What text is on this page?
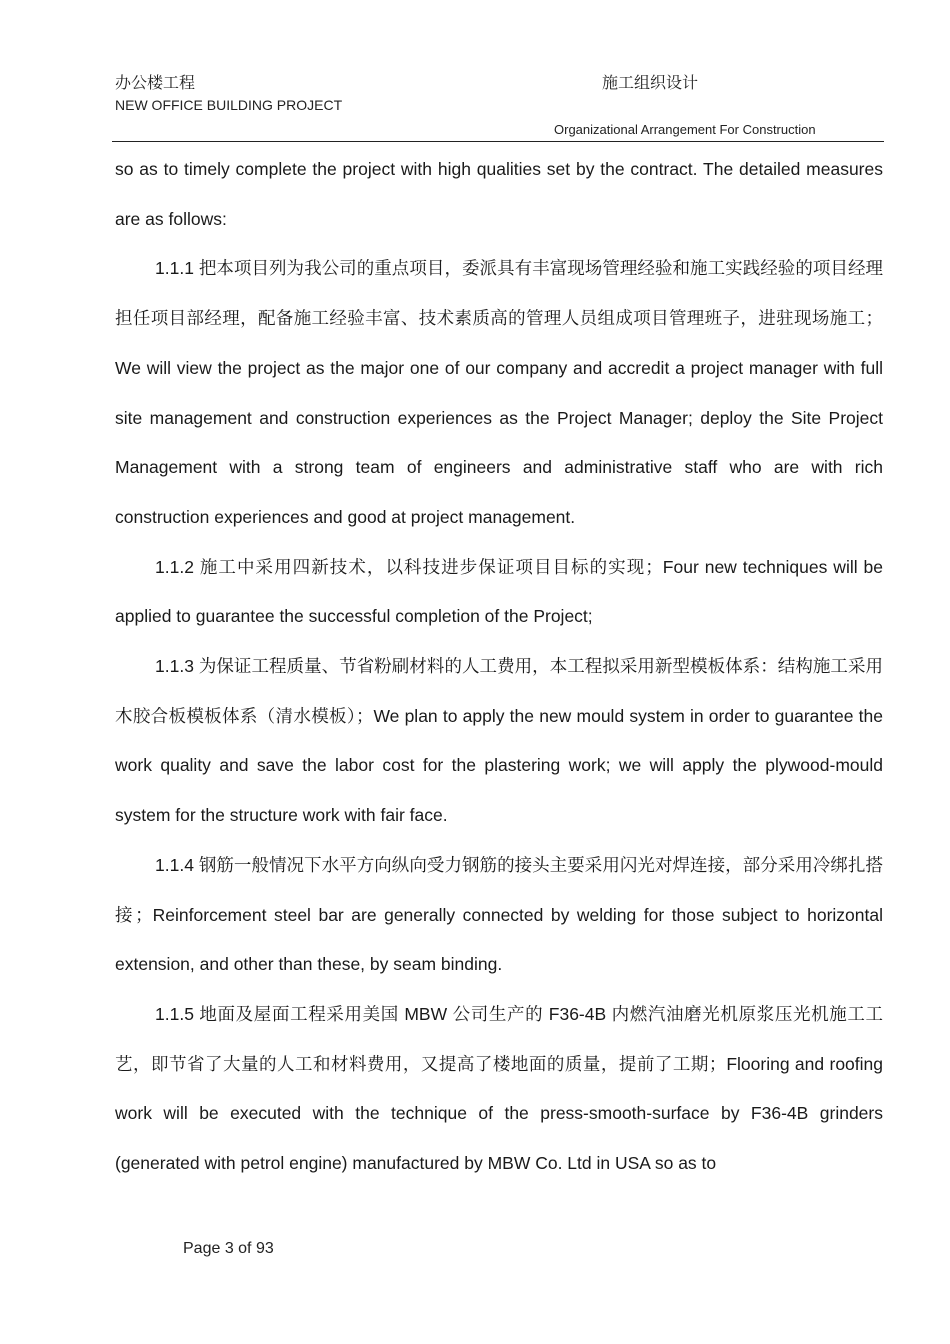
办公楼工程
NEW OFFICE BUILDING PROJECT
施工组织设计
Organizational Arrangement For Construction

so as to timely complete the project with high qualities set by the contract. The detailed measures are as follows:

1.1.1 把本项目列为我公司的重点项目，委派具有丰富现场管理经验和施工实践经验的项目经理担任项目部经理，配备施工经验丰富、技术素质高的管理人员组成项目管理班子，进驻现场施工；We will view the project as the major one of our company and accredit a project manager with full site management and construction experiences as the Project Manager; deploy the Site Project Management with a strong team of engineers and administrative staff who are with rich construction experiences and good at project management.

1.1.2 施工中采用四新技术，以科技进步保证项目目标的实现；Four new techniques will be applied to guarantee the successful completion of the Project;

1.1.3 为保证工程质量、节省粉刷材料的人工费用，本工程拟采用新型模板体系：结构施工采用木胶合板模板体系（清水模板）；We plan to apply the new mould system in order to guarantee the work quality and save the labor cost for the plastering work; we will apply the plywood-mould system for the structure work with fair face.

1.1.4 钢筋一般情况下水平方向纵向受力钢筋的接头主要采用闪光对焊连接，部分采用冷绑扎搭接；Reinforcement steel bar are generally connected by welding for those subject to horizontal extension, and other than these, by seam binding.

1.1.5 地面及屋面工程采用美国 MBW 公司生产的 F36-4B 内燃汽油磨光机原浆压光机施工工艺，即节省了大量的人工和材料费用，又提高了楼地面的质量，提前了工期；Flooring and roofing work will be executed with the technique of the press-smooth-surface by F36-4B grinders (generated with petrol engine) manufactured by MBW Co. Ltd in USA so as to

Page 3 of 93
